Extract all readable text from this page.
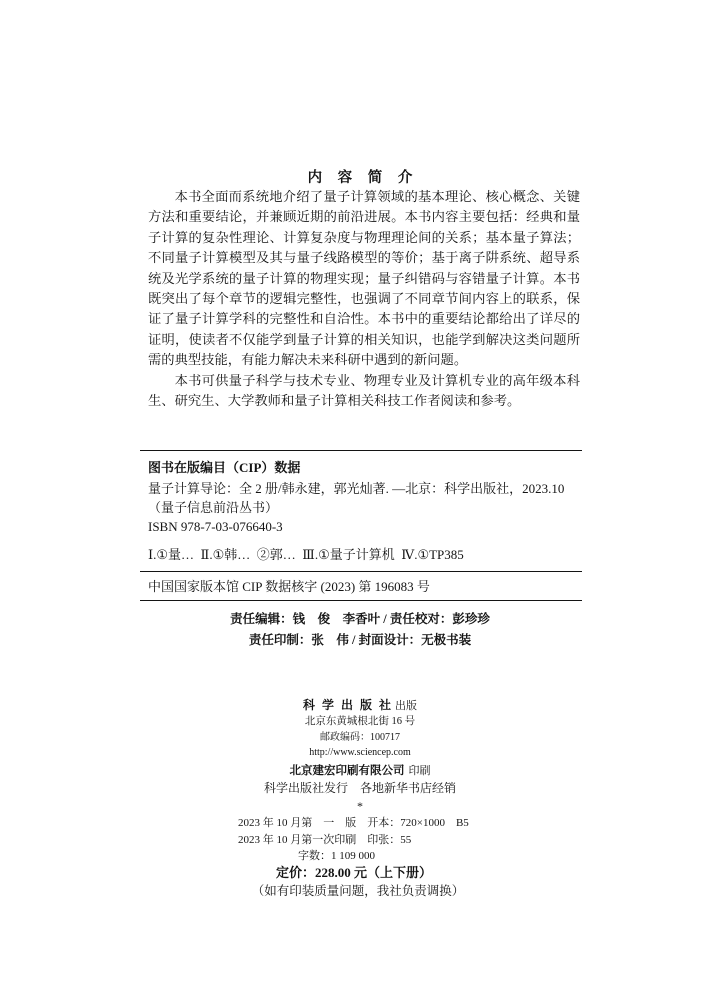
内 容 简 介
本书全面而系统地介绍了量子计算领域的基本理论、核心概念、关键
方法和重要结论，并兼顾近期的前沿进展。本书内容主要包括：经典和量
子计算的复杂性理论、计算复杂度与物理理论间的关系；基本量子算法；
不同量子计算模型及其与量子线路模型的等价；基于离子阱系统、超导系
统及光学系统的量子计算的物理实现；量子纠错码与容错量子计算。本书
既突出了每个章节的逻辑完整性，也强调了不同章节间内容上的联系，保
证了量子计算学科的完整性和自洽性。本书中的重要结论都给出了详尽的
证明，使读者不仅能学到量子计算的相关知识，也能学到解决这类问题所
需的典型技能，有能力解决未来科研中遇到的新问题。
本书可供量子科学与技术专业、物理专业及计算机专业的高年级本科
生、研究生、大学教师和量子计算相关科技工作者阅读和参考。
图书在版编目（CIP）数据
量子计算导论：全 2 册/韩永建，郭光灿著. —北京：科学出版社，2023.10
（量子信息前沿丛书）
ISBN 978-7-03-076640-3
Ⅰ.①量…  Ⅱ.①韩…  ②郭…  Ⅲ.①量子计算机  Ⅳ.①TP385
中国国家版本馆 CIP 数据核字 (2023) 第 196083 号
责任编辑：钱　俊　李香叶 / 责任校对：彭珍珍
责任印制：张　伟 / 封面设计：无极书装
科 学 出 版 社 出版
北京东黄城根北街 16 号
邮政编码：100717
http://www.sciencep.com
北京建宏印刷有限公司 印刷
科学出版社发行　各地新华书店经销
*
2023 年 10 月第　一　版　开本：720×1000　B5
2023 年 10 月第一次印刷　印张：55
字数：1 109 000
定价：228.00 元（上下册）
（如有印装质量问题，我社负责调换）
